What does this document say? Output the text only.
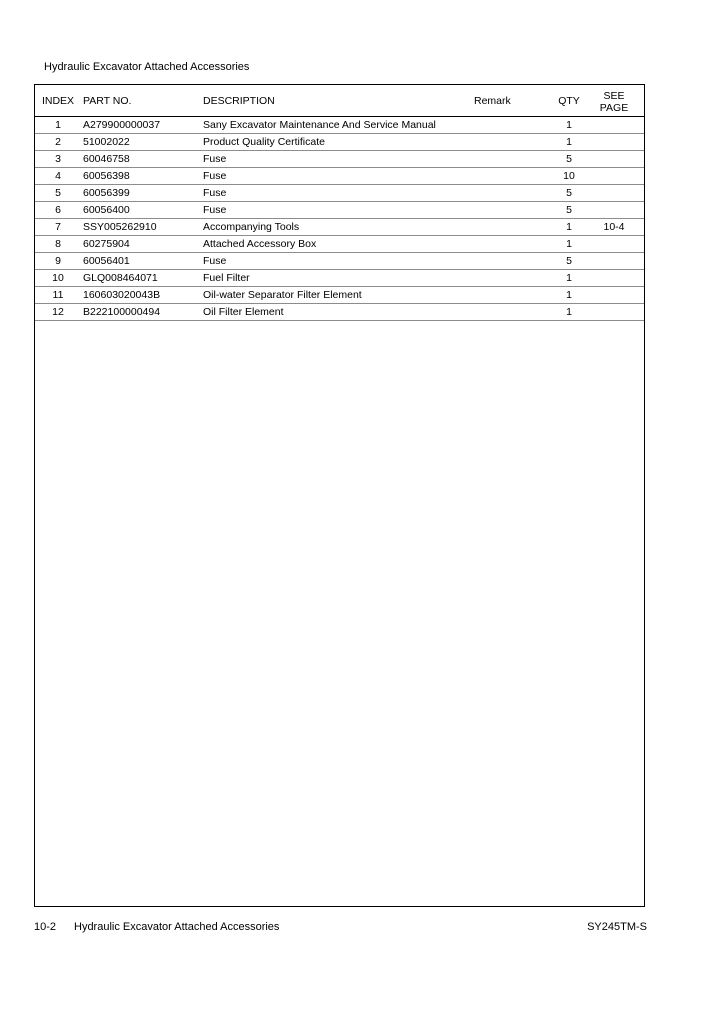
Hydraulic Excavator Attached Accessories
INDEX	PART NO.	DESCRIPTION	Remark	QTY	SEE
PAGE

1	A279900000037	Sany Excavator Maintenance And Service Manual		1	
2	51002022	Product Quality Certificate		1	
3	60046758	Fuse		5	
4	60056398	Fuse		10	
5	60056399	Fuse		5	
6	60056400	Fuse		5	
7	SSY005262910	Accompanying Tools		1	10-4
8	60275904	Attached Accessory Box		1	
9	60056401	Fuse		5	
10	GLQ008464071	Fuel Filter		1	
11	160603020043B	Oil-water Separator Filter Element		1	
12	B222100000494	Oil Filter Element		1	
10-2 Hydraulic Excavator Attached Accessories	SY245TM-S
